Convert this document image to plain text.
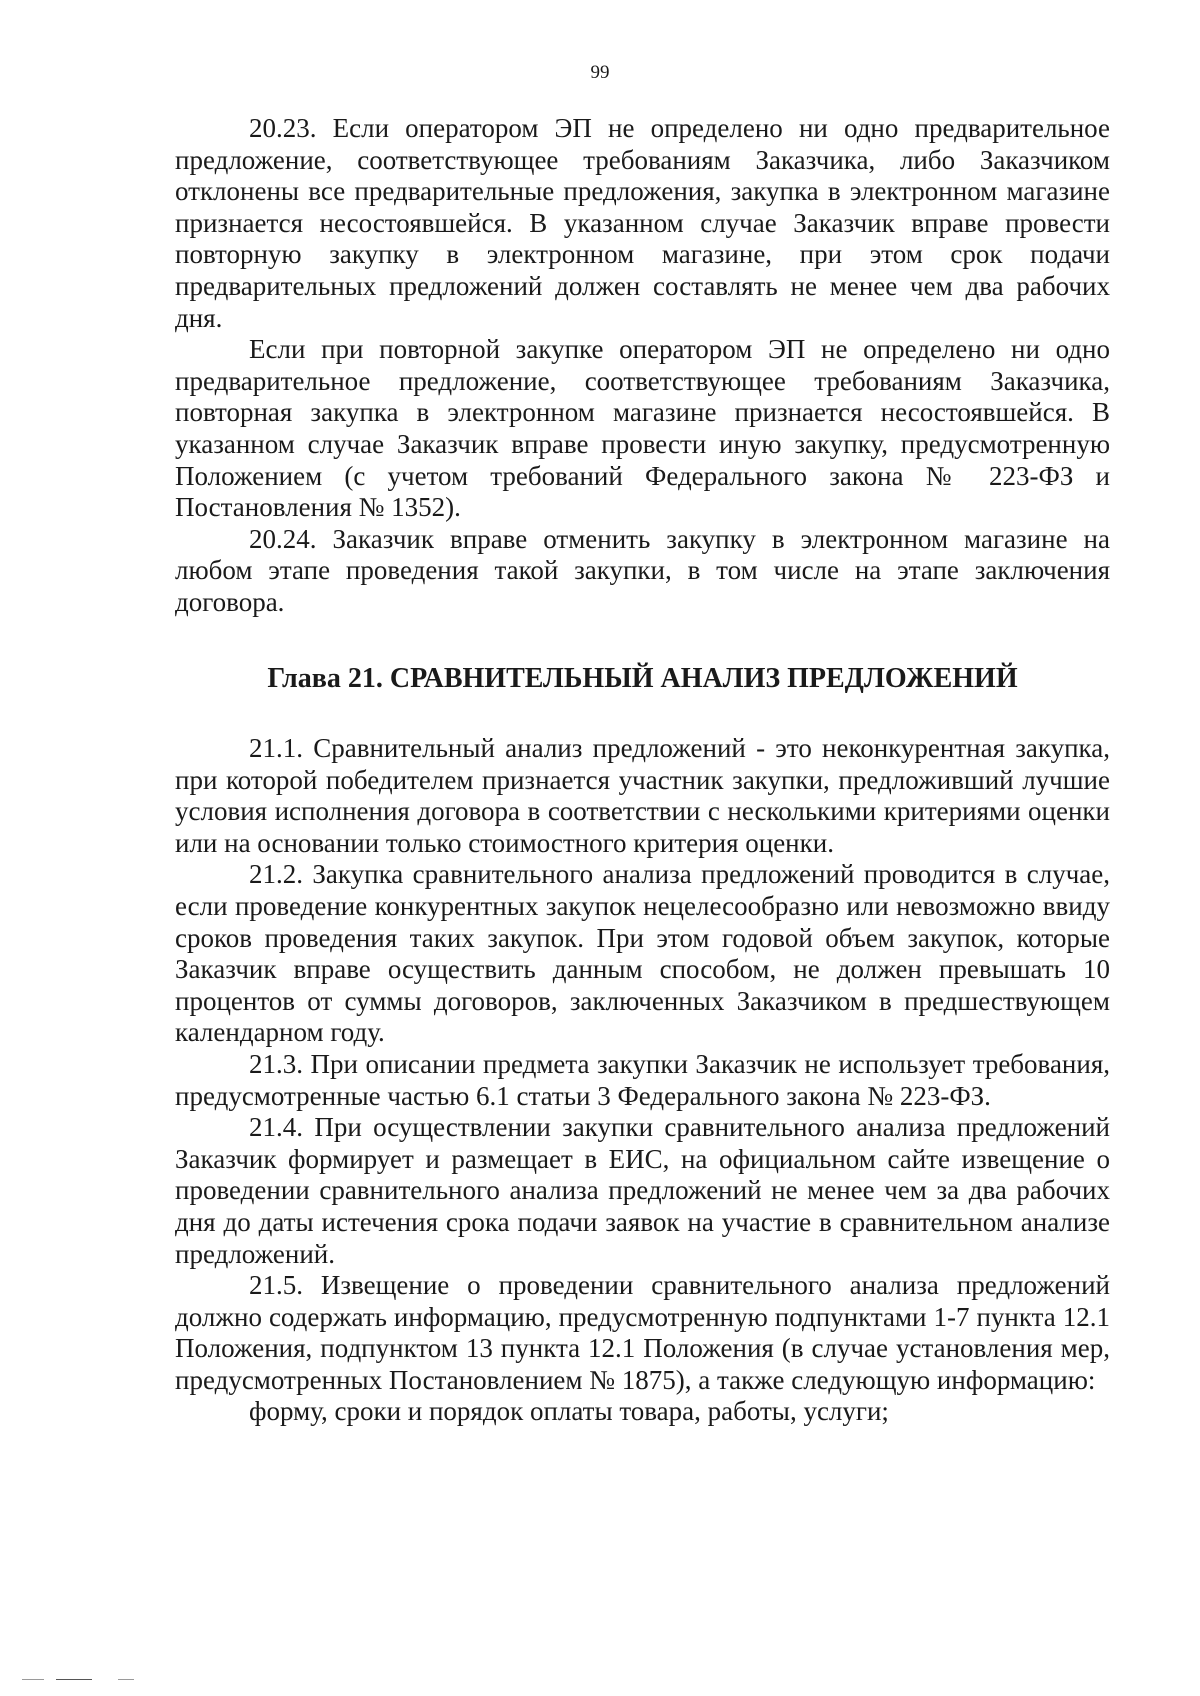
99

20.23. Если оператором ЭП не определено ни одно предварительное предложение, соответствующее требованиям Заказчика, либо Заказчиком отклонены все предварительные предложения, закупка в электронном магазине признается несостоявшейся. В указанном случае Заказчик вправе провести повторную закупку в электронном магазине, при этом срок подачи предварительных предложений должен составлять не менее чем два рабочих дня.

Если при повторной закупке оператором ЭП не определено ни одно предварительное предложение, соответствующее требованиям Заказчика, повторная закупка в электронном магазине признается несостоявшейся. В указанном случае Заказчик вправе провести иную закупку, предусмотренную Положением (с учетом требований Федерального закона № 223-ФЗ и Постановления № 1352).

20.24. Заказчик вправе отменить закупку в электронном магазине на любом этапе проведения такой закупки, в том числе на этапе заключения договора.

Глава 21. СРАВНИТЕЛЬНЫЙ АНАЛИЗ ПРЕДЛОЖЕНИЙ

21.1. Сравнительный анализ предложений - это неконкурентная закупка, при которой победителем признается участник закупки, предложивший лучшие условия исполнения договора в соответствии с несколькими критериями оценки или на основании только стоимостного критерия оценки.

21.2. Закупка сравнительного анализа предложений проводится в случае, если проведение конкурентных закупок нецелесообразно или невозможно ввиду сроков проведения таких закупок. При этом годовой объем закупок, которые Заказчик вправе осуществить данным способом, не должен превышать 10 процентов от суммы договоров, заключенных Заказчиком в предшествующем календарном году.

21.3. При описании предмета закупки Заказчик не использует требования, предусмотренные частью 6.1 статьи 3 Федерального закона № 223-ФЗ.

21.4. При осуществлении закупки сравнительного анализа предложений Заказчик формирует и размещает в ЕИС, на официальном сайте извещение о проведении сравнительного анализа предложений не менее чем за два рабочих дня до даты истечения срока подачи заявок на участие в сравнительном анализе предложений.

21.5. Извещение о проведении сравнительного анализа предложений должно содержать информацию, предусмотренную подпунктами 1-7 пункта 12.1 Положения, подпунктом 13 пункта 12.1 Положения (в случае установления мер, предусмотренных Постановлением № 1875), а также следующую информацию:

форму, сроки и порядок оплаты товара, работы, услуги;
